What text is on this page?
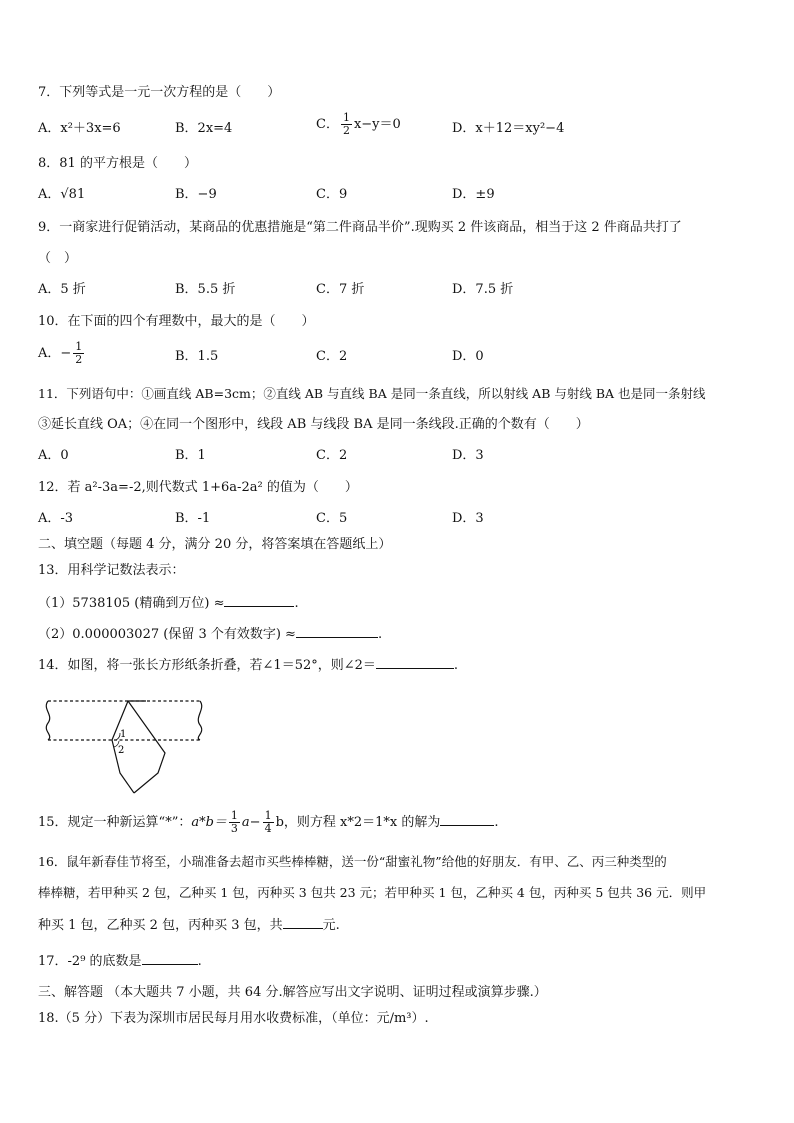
7．下列等式是一元一次方程的是（　　）
A．x²＋3x=6	B．2x=4	C． $\frac{1}{2} x-y=0$	D．x＋12＝xy²−4
8．81 的平方根是（　　）
A．√81	B．−9	C．9	D．±9
9．一商家进行促销活动，某商品的优惠措施是“第二件商品半价”.现购买 2 件该商品，相当于这 2 件商品共打了
（　）
A．5 折	B．5.5 折	C．7 折	D．7.5 折
10．在下面的四个有理数中，最大的是（　　）
A．− $\frac{1}{2}$	B．1.5	C．2	D．0
11．下列语句中：①画直线 AB=3cm；②直线 AB 与直线 BA 是同一条直线，所以射线 AB 与射线 BA 也是同一条射线
③延长直线 OA；④在同一个图形中，线段 AB 与线段 BA 是同一条线段.正确的个数有（　　）
A．0	B．1	C．2	D．3
12．若 a²-3a=-2,则代数式 1+6a-2a² 的值为（　　）
A．-3	B．-1	C．5	D．3
二、填空题（每题 4 分，满分 20 分，将答案填在答题纸上）
13．用科学记数法表示：
（1）5738105 (精确到万位) ≈	.
（2）0.000003027 (保留 3 个有效数字) ≈	.
14．如图，将一张长方形纸条折叠，若∠1＝52°，则∠2＝	.
1
2
15．规定一种新运算“*”：$a*b= \frac{1}{3} a- \frac{1}{4}$ b，则方程 x*2＝1*x 的解为	.
16．鼠年新春佳节将至，小瑞准备去超市买些棒棒糖，送一份“甜蜜礼物”给他的好朋友．有甲、乙、丙三种类型的
棒棒糖，若甲种买 2 包，乙种买 1 包，丙种买 3 包共 23 元；若甲种买 1 包，乙种买 4 包，丙种买 5 包共 36 元．则甲
种买 1 包，乙种买 2 包，丙种买 3 包，共	元.
17．-2⁹ 的底数是	.
三、解答题 （本大题共 7 小题，共 64 分.解答应写出文字说明、证明过程或演算步骤.）
18.（5 分）下表为深圳市居民每月用水收费标准，（单位：元/m³）.
